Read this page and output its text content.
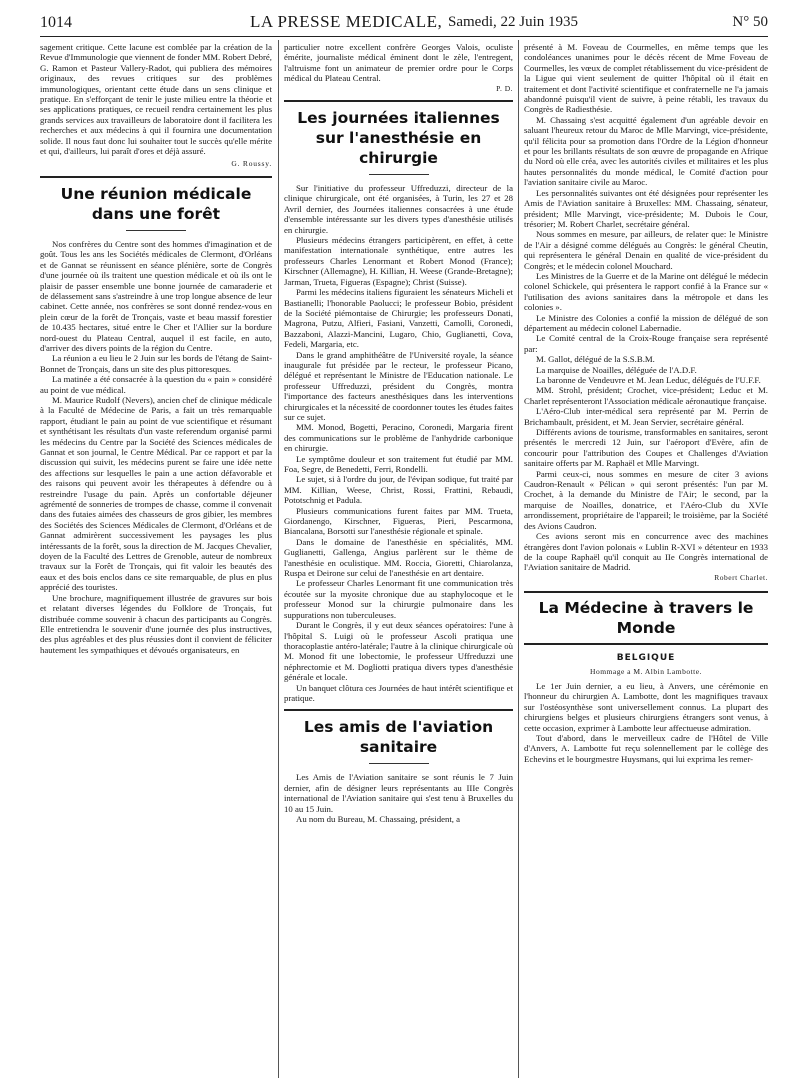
1014	LA PRESSE MEDICALE, Samedi, 22 Juin 1935	N° 50

sagement critique. Cette lacune est comblée par la création de la Revue d'Immunologie que viennent de fonder MM. Robert Debré, G. Ramon et Pasteur Vallery-Radot, qui publiera des mémoires originaux, des revues critiques sur des problèmes immunologiques, orientant cette étude dans un sens clinique et pratique. En s'efforçant de tenir le juste milieu entre la théorie et ses applications pratiques, ce recueil rendra certainement les plus grands services aux travailleurs de laboratoire dont il facilitera les recherches et aux médecins à qui il fournira une documentation solide. Il nous faut donc lui souhaiter tout le succès qu'elle mérite et qui, d'ailleurs, lui paraît d'ores et déjà assuré.

G. Roussy.
Une réunion médicale dans une forêt

Nos confrères du Centre sont des hommes d'imagination et de goût. Tous les ans les Sociétés médicales de Clermont, d'Orléans et de Gannat se réunissent en séance plénière, sorte de Congrès d'une journée où ils traitent une question médicale et où ils ont le plaisir de passer ensemble une bonne journée de camaraderie et de délassement sans s'astreindre à une trop longue absence de leur cabinet. Cette année, nos confrères se sont donné rendez-vous en plein cœur de la forêt de Tronçais, vaste et beau massif forestier de 10.435 hectares, situé entre le Cher et l'Allier sur la bordure nord-ouest du Plateau Central, auquel il est facile, en auto, d'arriver des divers points de la région du Centre.

La réunion a eu lieu le 2 Juin sur les bords de l'étang de Saint-Bonnet de Tronçais, dans un site des plus pittoresques.

La matinée a été consacrée à la question du « pain » considéré au point de vue médical.

M. Maurice Rudolf (Nevers), ancien chef de clinique médicale à la Faculté de Médecine de Paris, a fait un très remarquable rapport, étudiant le pain au point de vue scientifique et résumant et synthétisant les résultats d'un vaste referendum organisé parmi les médecins du Centre par la Société des Sciences médicales de Gannat et son journal, le Centre Médical. Par ce rapport et par la discussion qui suivit, les médecins purent se faire une idée nette des affections sur lesquelles le pain a une action défavorable et des raisons qui peuvent avoir les thérapeutes à défendre ou à restreindre l'usage du pain. Après un confortable déjeuner agrémenté de sonneries de trompes de chasse, comme il convenait dans des futaies aimées des chasseurs de gros gibier, les membres des Sociétés des Sciences Médicales de Clermont, d'Orléans et de Gannat admirèrent successivement les paysages les plus intéressants de la forêt, sous la direction de M. Jacques Chevalier, doyen de la Faculté des Lettres de Grenoble, auteur de nombreux travaux sur la Forêt de Tronçais, qui fit valoir les beautés des eaux et des bois enclos dans ce site remarquable, de plus en plus apprécié des touristes.

Une brochure, magnifiquement illustrée de gravures sur bois et relatant diverses légendes du Folklore de Tronçais, fut distribuée comme souvenir à chacun des participants au Congrès. Elle entretiendra le souvenir d'une journée des plus instructives, des plus agréables et des plus réussies dont il convient de féliciter hautement les sympathiques et dévoués organisateurs, en

particulier notre excellent confrère Georges Valois, oculiste émérite, journaliste médical éminent dont le zèle, l'entregent, l'altruisme font un animateur de premier ordre pour le Corps médical du Plateau Central.

P. D.
Les journées italiennes sur l'anesthésie en chirurgie

Sur l'initiative du professeur Uffreduzzi, directeur de la clinique chirurgicale, ont été organisées, à Turin, les 27 et 28 Avril dernier, des Journées italiennes consacrées à une étude d'ensemble intéressante sur les divers types d'anesthésie utilisés en chirurgie.

Plusieurs médecins étrangers participèrent, en effet, à cette manifestation internationale synthétique, entre autres les professeurs Charles Lenormant et Robert Monod (France); Kirschner (Allemagne), H. Killian, H. Weese (Grande-Bretagne); Jarman, Trueta, Figueras (Espagne); Christ (Suisse).

Parmi les médecins italiens figuraient les sénateurs Micheli et Bastianelli; l'honorable Paolucci; le professeur Bobio, président de la Société piémontaise de Chirurgie; les professeurs Donati, Magrona, Putzu, Alfieri, Fasiani, Vanzetti, Camolli, Coronedi, Bazzaboni, Alazzi-Mancini, Lugaro, Chio, Guglianetti, Cova, Fedeli, Margaria, etc.

Dans le grand amphithéâtre de l'Université royale, la séance inaugurale fut présidée par le recteur, le professeur Picano, délégué et représentant le Ministre de l'Education nationale. Le professeur Uffreduzzi, président du Congrès, montra l'importance des facteurs anesthésiques dans les interventions chirurgicales et la nécessité de coordonner toutes les études faites sur ce sujet.

MM. Monod, Bogetti, Peracino, Coronedi, Margaria firent des communications sur le problème de l'anhydride carbonique en chirurgie.

Le symptôme douleur et son traitement fut étudié par MM. Foa, Segre, de Benedetti, Ferri, Rondelli.

Le sujet, si à l'ordre du jour, de l'évipan sodique, fut traité par MM. Killian, Weese, Christ, Rossi, Frattini, Rebaudi, Pototschnig et Padula.

Plusieurs communications furent faites par MM. Trueta, Giordanengo, Kirschner, Figueras, Pieri, Pescarmona, Biancalana, Borsotti sur l'anesthésie régionale et spinale.

Dans le domaine de l'anesthésie en spécialités, MM. Guglianetti, Gallenga, Angius parlèrent sur le thème de l'anesthésie en oculistique. MM. Roccia, Gioretti, Chiarolanza, Ruspa et Deirone sur celui de l'anesthésie en art dentaire.

Le professeur Charles Lenormant fit une communication très écoutée sur la myosite chronique due au staphylocoque et le professeur Monod sur la chirurgie pulmonaire dans les suppurations non tuberculeuses.

Durant le Congrès, il y eut deux séances opératoires: l'une à l'hôpital S. Luigi où le professeur Ascoli pratiqua une thoracoplastie antéro-latérale; l'autre à la clinique chirurgicale où M. Monod fit une lobectomie, le professeur Uffreduzzi une néphrectomie et M. Dogliotti pratiqua divers types d'anesthésie générale et locale.

Un banquet clôtura ces Journées de haut intérêt scientifique et pratique.

Les amis de l'aviation sanitaire

Les Amis de l'Aviation sanitaire se sont réunis le 7 Juin dernier, afin de désigner leurs représentants au IIIe Congrès international de l'Aviation sanitaire qui s'est tenu à Bruxelles du 10 au 15 Juin.

Au nom du Bureau, M. Chassaing, président, a

présenté à M. Foveau de Courmelles, en même temps que les condoléances unanimes pour le décès récent de Mme Foveau de Courmelles, les vœux de complet rétablissement du vice-président de la Ligue qui vient seulement de quitter l'hôpital où il était en traitement et dont l'activité scientifique et confraternelle ne l'a jamais abandonné puisqu'il vient de suivre, à peine rétabli, les travaux du Congrès de Radiesthésie.

M. Chassaing s'est acquitté également d'un agréable devoir en saluant l'heureux retour du Maroc de Mlle Marvingt, vice-présidente, qu'il félicita pour sa promotion dans l'Ordre de la Légion d'honneur et pour les brillants résultats de son œuvre de propagande en Afrique du Nord où elle créa, avec les autorités civiles et militaires et les plus hautes personnalités du monde médical, le Comité d'action pour l'aviation sanitaire civile au Maroc.

Les personnalités suivantes ont été désignées pour représenter les Amis de l'Aviation sanitaire à Bruxelles: MM. Chassaing, sénateur, président; Mlle Marvingt, vice-présidente; M. Dubois le Cour, trésorier; M. Robert Charlet, secrétaire général.

Nous sommes en mesure, par ailleurs, de relater que: le Ministre de l'Air a désigné comme délégués au Congrès: le général Cheutin, qui représentera le général Denain en qualité de vice-président du Congrès; et le médecin colonel Mouchard.

Les Ministres de la Guerre et de la Marine ont délégué le médecin colonel Schickele, qui présentera le rapport confié à la France sur « l'utilisation des avions sanitaires dans la métropole et dans les colonies ».

Le Ministre des Colonies a confié la mission de délégué de son département au médecin colonel Labernadie.

Le Comité central de la Croix-Rouge française sera représenté par:

M. Gallot, délégué de la S.S.B.M.

La marquise de Noailles, déléguée de l'A.D.F.

La baronne de Vendeuvre et M. Jean Leduc, délégués de l'U.F.F.

MM. Strohl, président; Crochet, vice-président; Leduc et M. Charlet représenteront l'Association médicale aéronautique française.

L'Aéro-Club inter-médical sera représenté par M. Perrin de Brichambault, président, et M. Jean Servier, secrétaire général.

Différents avions de tourisme, transformables en sanitaires, seront présentés le mercredi 12 Juin, sur l'aéroport d'Evère, afin de concourir pour l'attribution des Coupes et Challenges d'Aviation sanitaire offerts par M. Raphaël et Mlle Marvingt.

Parmi ceux-ci, nous sommes en mesure de citer 3 avions Caudron-Renault « Pélican » qui seront présentés: l'un par M. Crochet, à la demande du Ministre de l'Air; le second, par la marquise de Noailles, donatrice, et l'Aéro-Club du XVIe arrondissement, propriétaire de l'appareil; le troisième, par la Société des Avions Caudron.

Ces avions seront mis en concurrence avec des machines étrangères dont l'avion polonais « Lublin R-XVI » détenteur en 1933 de la coupe Raphaël qu'il conquit au IIe Congrès international de l'Aviation sanitaire de Madrid.

Robert Charlet.
La Médecine à travers le Monde
BELGIQUE
Hommage a M. Albin Lambotte.

Le 1er Juin dernier, a eu lieu, à Anvers, une cérémonie en l'honneur du chirurgien A. Lambotte, dont les magnifiques travaux sur l'ostéosynthèse sont universellement connus. La plupart des chirurgiens belges et plusieurs chirurgiens étrangers sont venus, à cette occasion, exprimer à Lambotte leur affectueuse admiration.

Tout d'abord, dans le merveilleux cadre de l'Hôtel de Ville d'Anvers, A. Lambotte fut reçu solennellement par le collège des Echevins et le bourgmestre Huysmans, qui lui exprima les remer-
